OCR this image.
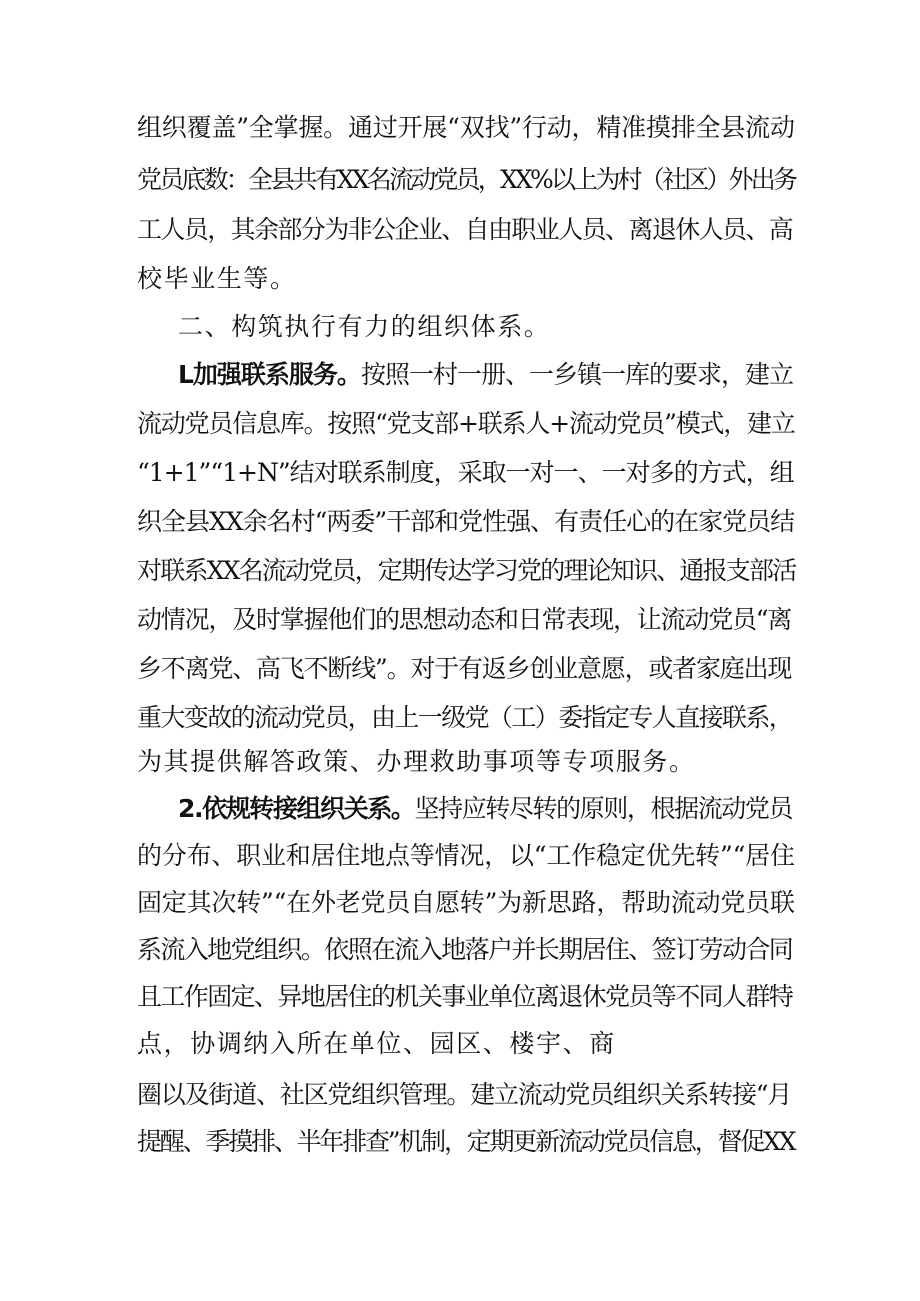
组织覆盖”全掌握。通过开展“双找”行动，精准摸排全县流动
党员底数：全县共有XX名流动党员，XX%以上为村（社区）外出务
工人员，其余部分为非公企业、自由职业人员、离退休人员、高
校毕业生等。
二、构筑执行有力的组织体系。
L加强联系服务。按照一村一册、一乡镇一库的要求，建立
流动党员信息库。按照“党支部+联系人+流动党员”模式，建立
“1+1”“1+N”结对联系制度，采取一对一、一对多的方式，组
织全县XX余名村“两委”干部和党性强、有责任心的在家党员结
对联系XX名流动党员，定期传达学习党的理论知识、通报支部活
动情况，及时掌握他们的思想动态和日常表现，让流动党员“离
乡不离党、高飞不断线”。对于有返乡创业意愿，或者家庭出现
重大变故的流动党员，由上一级党（工）委指定专人直接联系，
为其提供解答政策、办理救助事项等专项服务。
2.依规转接组织关系。坚持应转尽转的原则，根据流动党员
的分布、职业和居住地点等情况，以“工作稳定优先转”“居住
固定其次转”“在外老党员自愿转”为新思路，帮助流动党员联
系流入地党组织。依照在流入地落户并长期居住、签订劳动合同
且工作固定、异地居住的机关事业单位离退休党员等不同人群特
点，协调纳入所在单位、园区、楼宇、商
圈以及街道、社区党组织管理。建立流动党员组织关系转接“月
提醒、季摸排、半年排查”机制，定期更新流动党员信息，督促XX
